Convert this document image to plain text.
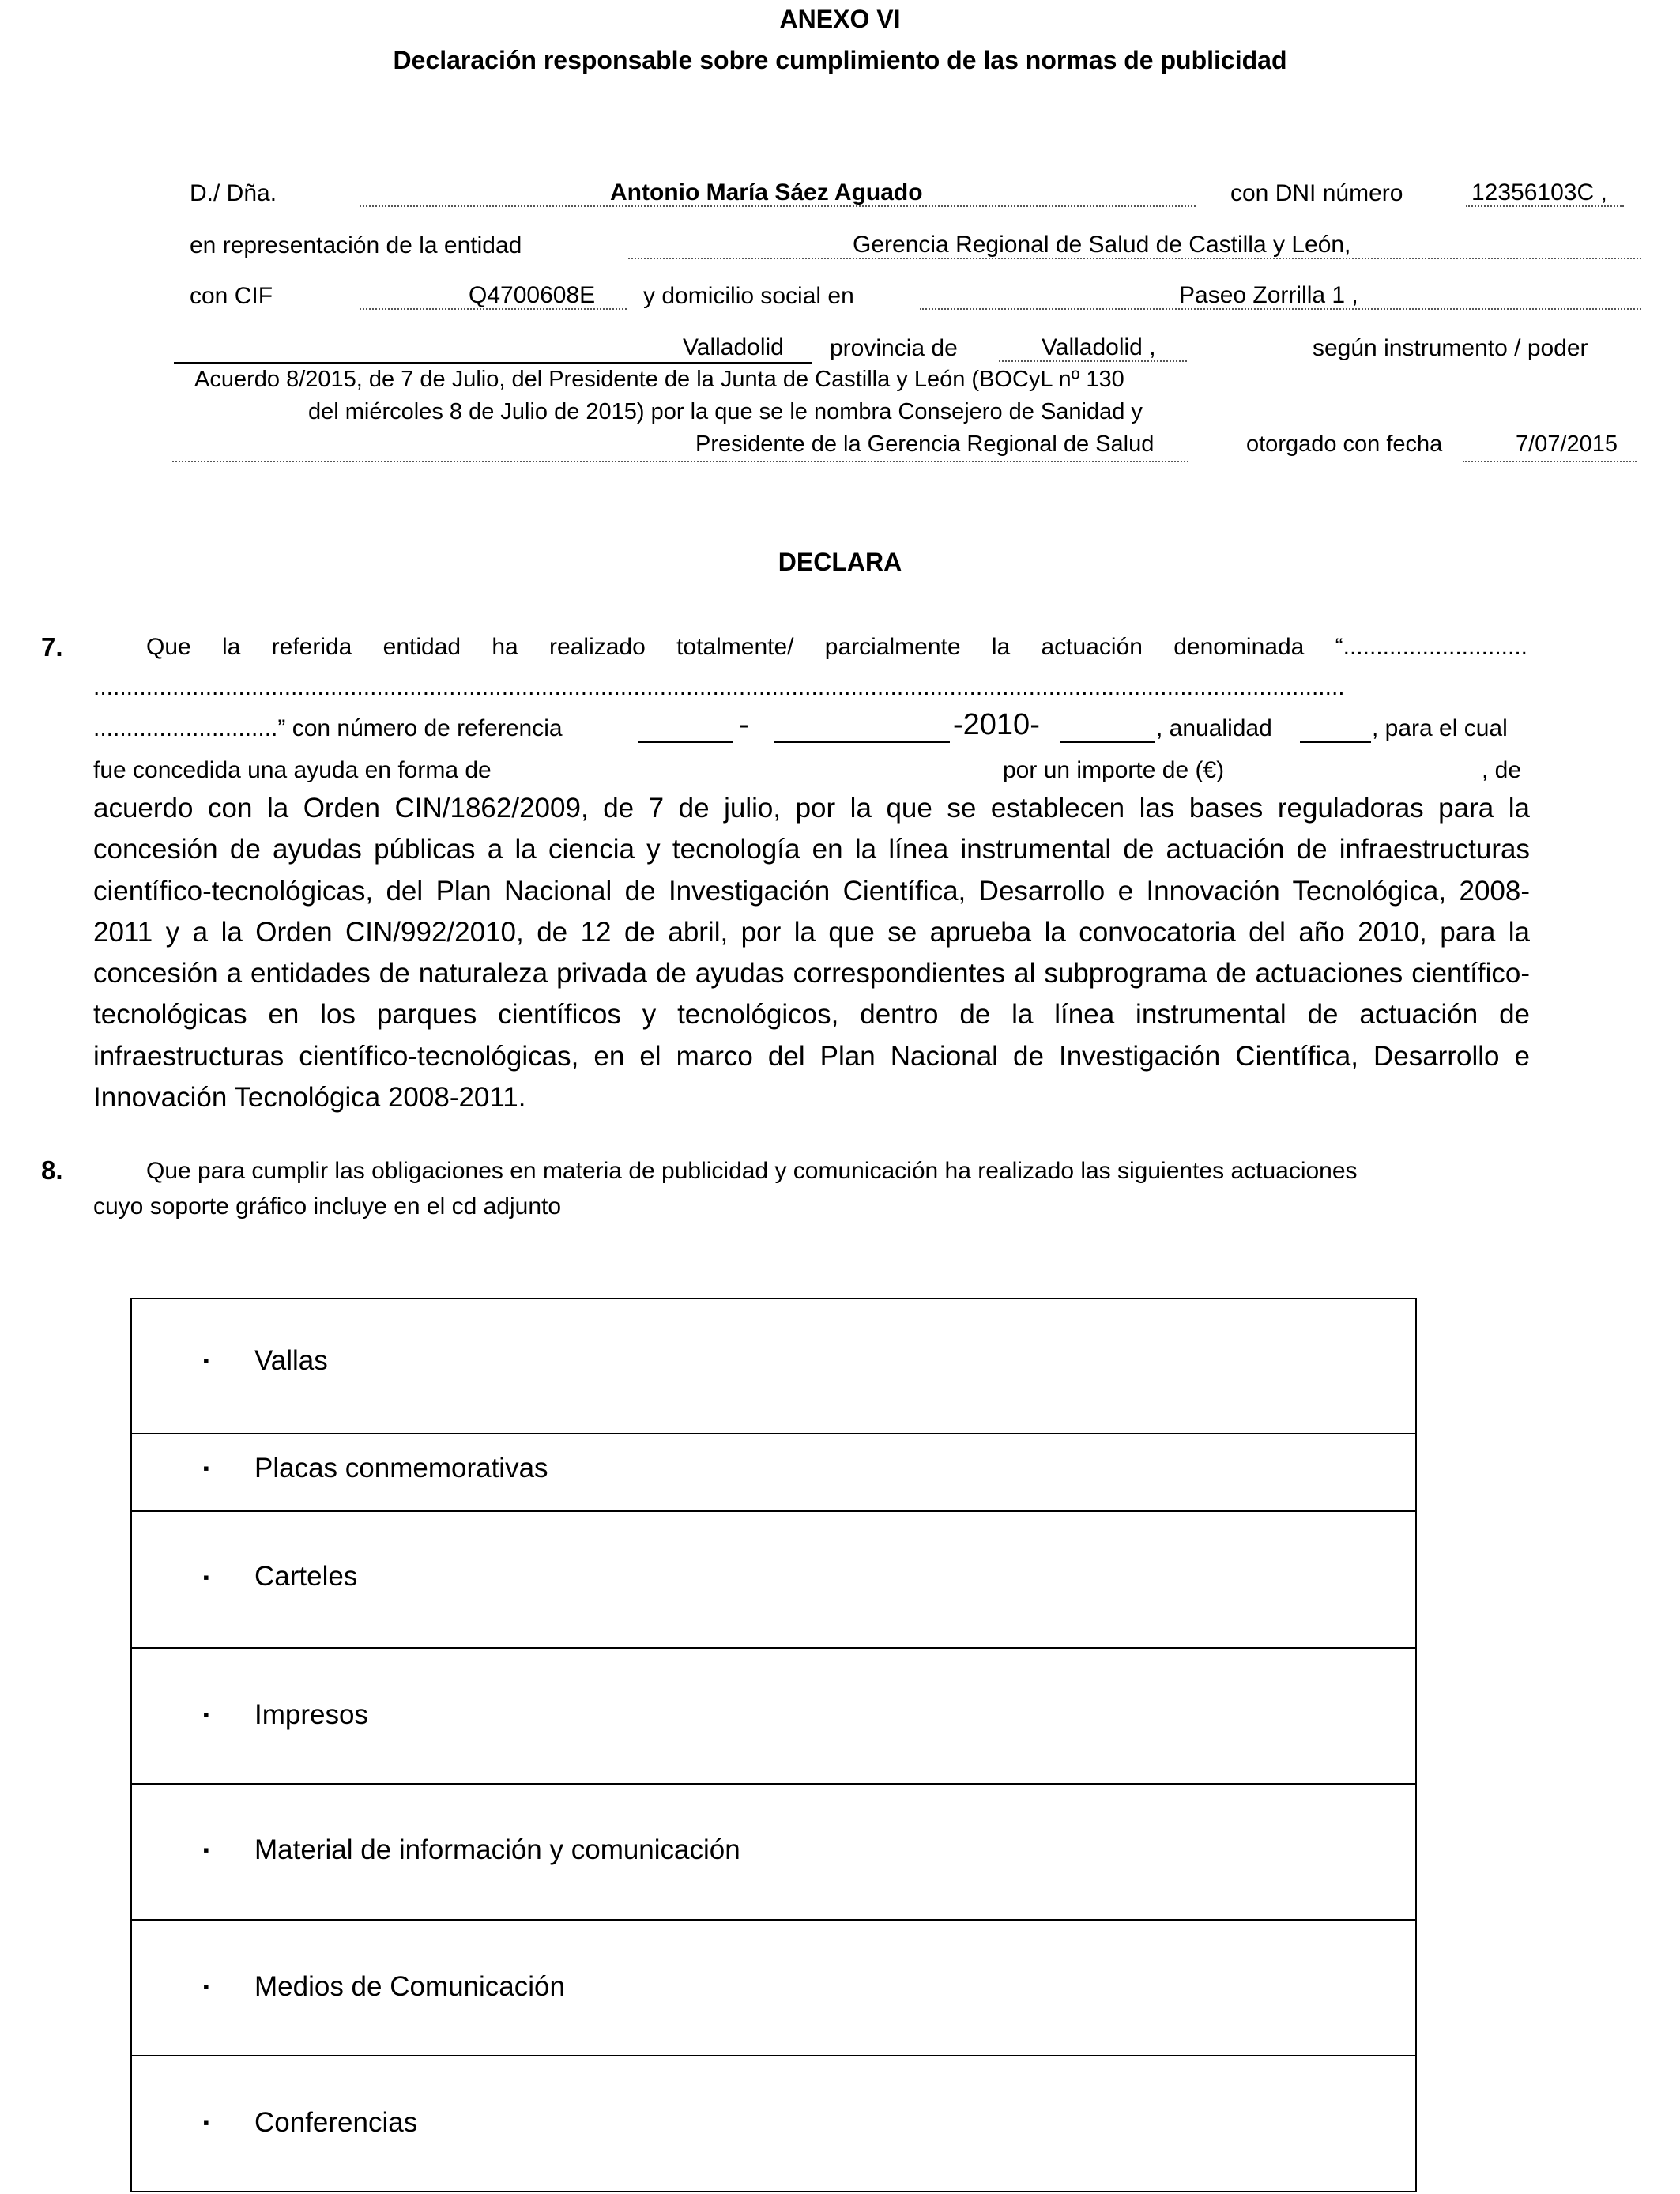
ANEXO VI
Declaración responsable sobre cumplimiento de las normas de publicidad
D./ Dña.	Antonio María Sáez Aguado	con DNI número	12356103C ,
en representación de la entidad	Gerencia Regional de Salud de Castilla y León,
con CIF	Q4700608E y domicilio social en	Paseo Zorrilla 1 ,
Valladolid provincia de	Valladolid ,	según instrumento / poder
Acuerdo 8/2015, de 7 de Julio, del Presidente de la Junta de Castilla y León (BOCyL nº 130
del miércoles 8 de Julio de 2015) por la que se le nombra Consejero de Sanidad y
Presidente de la Gerencia Regional de Salud	otorgado con fecha	7/07/2015
DECLARA
7.	Que la referida entidad ha realizado totalmente/ parcialmente la actuación denominada “............................
..............................................................................................................................................................................................
............................” con número de referencia	-	-2010-	, anualidad	, para el cual
fue concedida una ayuda en forma de	por un importe de (€)	, de
acuerdo con la Orden CIN/1862/2009, de 7 de julio, por la que se establecen las bases reguladoras para la concesión de ayudas públicas a la ciencia y tecnología en la línea instrumental de actuación de infraestructuras científico-tecnológicas, del Plan Nacional de Investigación Científica, Desarrollo e Innovación Tecnológica, 2008-2011 y a la Orden CIN/992/2010, de 12 de abril, por la que se aprueba la convocatoria del año 2010, para la concesión a entidades de naturaleza privada de ayudas correspondientes al subprograma de actuaciones científico-tecnológicas en los parques científicos y tecnológicos, dentro de la línea instrumental de actuación de infraestructuras científico-tecnológicas, en el marco del Plan Nacional de Investigación Científica, Desarrollo e Innovación Tecnológica 2008-2011.
8.	Que para cumplir las obligaciones en materia de publicidad y comunicación ha realizado las siguientes actuaciones
cuyo soporte gráfico incluye en el cd adjunto
▪ Vallas
▪ Placas conmemorativas
▪ Carteles
▪ Impresos
▪ Material de información y comunicación
▪ Medios de Comunicación
▪ Conferencias
